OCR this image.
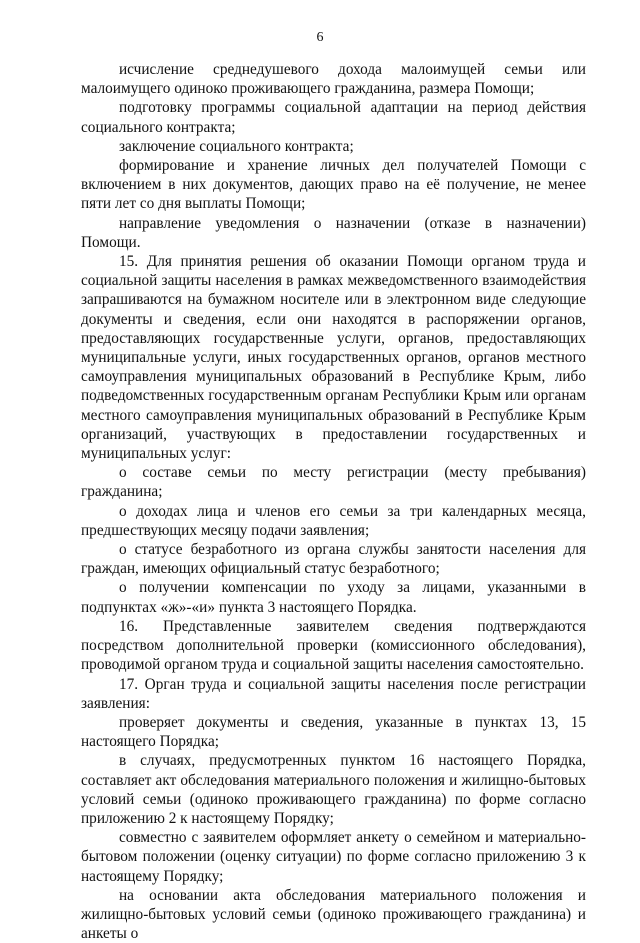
6

исчисление среднедушевого дохода малоимущей семьи или малоимущего одиноко проживающего гражданина, размера Помощи;

подготовку программы социальной адаптации на период действия социального контракта;

заключение социального контракта;

формирование и хранение личных дел получателей Помощи с включением в них документов, дающих право на её получение, не менее пяти лет со дня выплаты Помощи;

направление уведомления о назначении (отказе в назначении) Помощи.

15. Для принятия решения об оказании Помощи органом труда и социальной защиты населения в рамках межведомственного взаимодействия запрашиваются на бумажном носителе или в электронном виде следующие документы и сведения, если они находятся в распоряжении органов, предоставляющих государственные услуги, органов, предоставляющих муниципальные услуги, иных государственных органов, органов местного самоуправления муниципальных образований в Республике Крым, либо подведомственных государственным органам Республики Крым или органам местного самоуправления муниципальных образований в Республике Крым организаций, участвующих в предоставлении государственных и муниципальных услуг:

о составе семьи по месту регистрации (месту пребывания) гражданина;

о доходах лица и членов его семьи за три календарных месяца, предшествующих месяцу подачи заявления;

о статусе безработного из органа службы занятости населения для граждан, имеющих официальный статус безработного;

о получении компенсации по уходу за лицами, указанными в подпунктах «ж»-«и» пункта 3 настоящего Порядка.

16. Представленные заявителем сведения подтверждаются посредством дополнительной проверки (комиссионного обследования), проводимой органом труда и социальной защиты населения самостоятельно.

17. Орган труда и социальной защиты населения после регистрации заявления:

проверяет документы и сведения, указанные в пунктах 13, 15 настоящего Порядка;

в случаях, предусмотренных пунктом 16 настоящего Порядка, составляет акт обследования материального положения и жилищно-бытовых условий семьи (одиноко проживающего гражданина) по форме согласно приложению 2 к настоящему Порядку;

совместно с заявителем оформляет анкету о семейном и материально-бытовом положении (оценку ситуации) по форме согласно приложению 3 к настоящему Порядку;

на основании акта обследования материального положения и жилищно-бытовых условий семьи (одиноко проживающего гражданина) и анкеты о
